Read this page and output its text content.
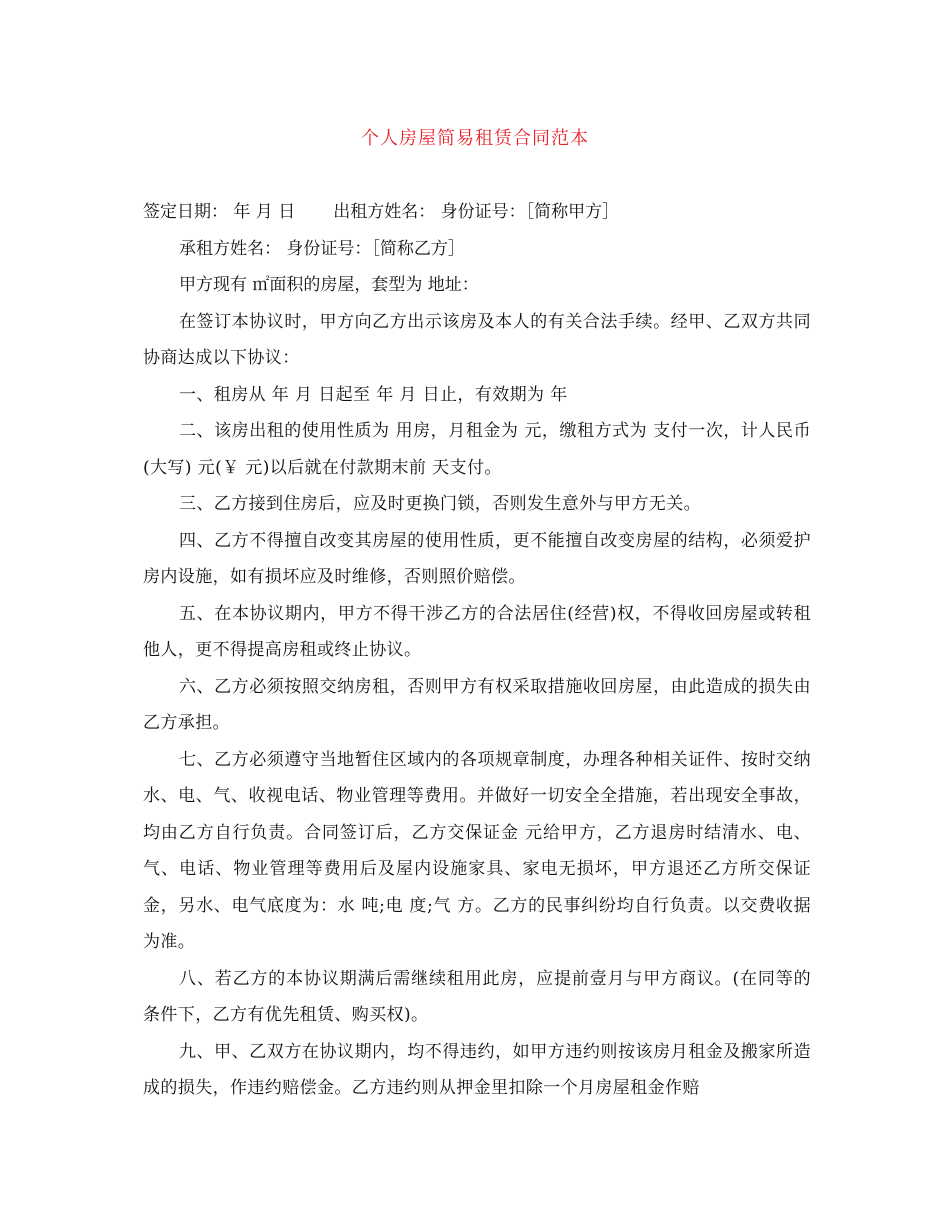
个人房屋简易租赁合同范本
签定日期： 年 月 日 出租方姓名： 身份证号：［简称甲方］
承租方姓名： 身份证号：［简称乙方］
甲方现有 ㎡面积的房屋，套型为 地址：
在签订本协议时，甲方向乙方出示该房及本人的有关合法手续。经甲、乙双方共同协商达成以下协议：
一、租房从 年 月 日起至 年 月 日止，有效期为 年
二、该房出租的使用性质为 用房，月租金为 元，缴租方式为 支付一次，计人民币(大写) 元(￥ 元)以后就在付款期末前 天支付。
三、乙方接到住房后，应及时更换门锁，否则发生意外与甲方无关。
四、乙方不得擅自改变其房屋的使用性质，更不能擅自改变房屋的结构，必须爱护房内设施，如有损坏应及时维修，否则照价赔偿。
五、在本协议期内，甲方不得干涉乙方的合法居住(经营)权，不得收回房屋或转租他人，更不得提高房租或终止协议。
六、乙方必须按照交纳房租，否则甲方有权采取措施收回房屋，由此造成的损失由乙方承担。
七、乙方必须遵守当地暂住区域内的各项规章制度，办理各种相关证件、按时交纳水、电、气、收视电话、物业管理等费用。并做好一切安全全措施，若出现安全事故，均由乙方自行负责。合同签订后，乙方交保证金 元给甲方，乙方退房时结清水、电、气、电话、物业管理等费用后及屋内设施家具、家电无损坏，甲方退还乙方所交保证金，另水、电气底度为：水 吨;电 度;气 方。乙方的民事纠纷均自行负责。以交费收据为准。
八、若乙方的本协议期满后需继续租用此房，应提前壹月与甲方商议。(在同等的条件下，乙方有优先租赁、购买权)。
九、甲、乙双方在协议期内，均不得违约，如甲方违约则按该房月租金及搬家所造成的损失，作违约赔偿金。乙方违约则从押金里扣除一个月房屋租金作赔
